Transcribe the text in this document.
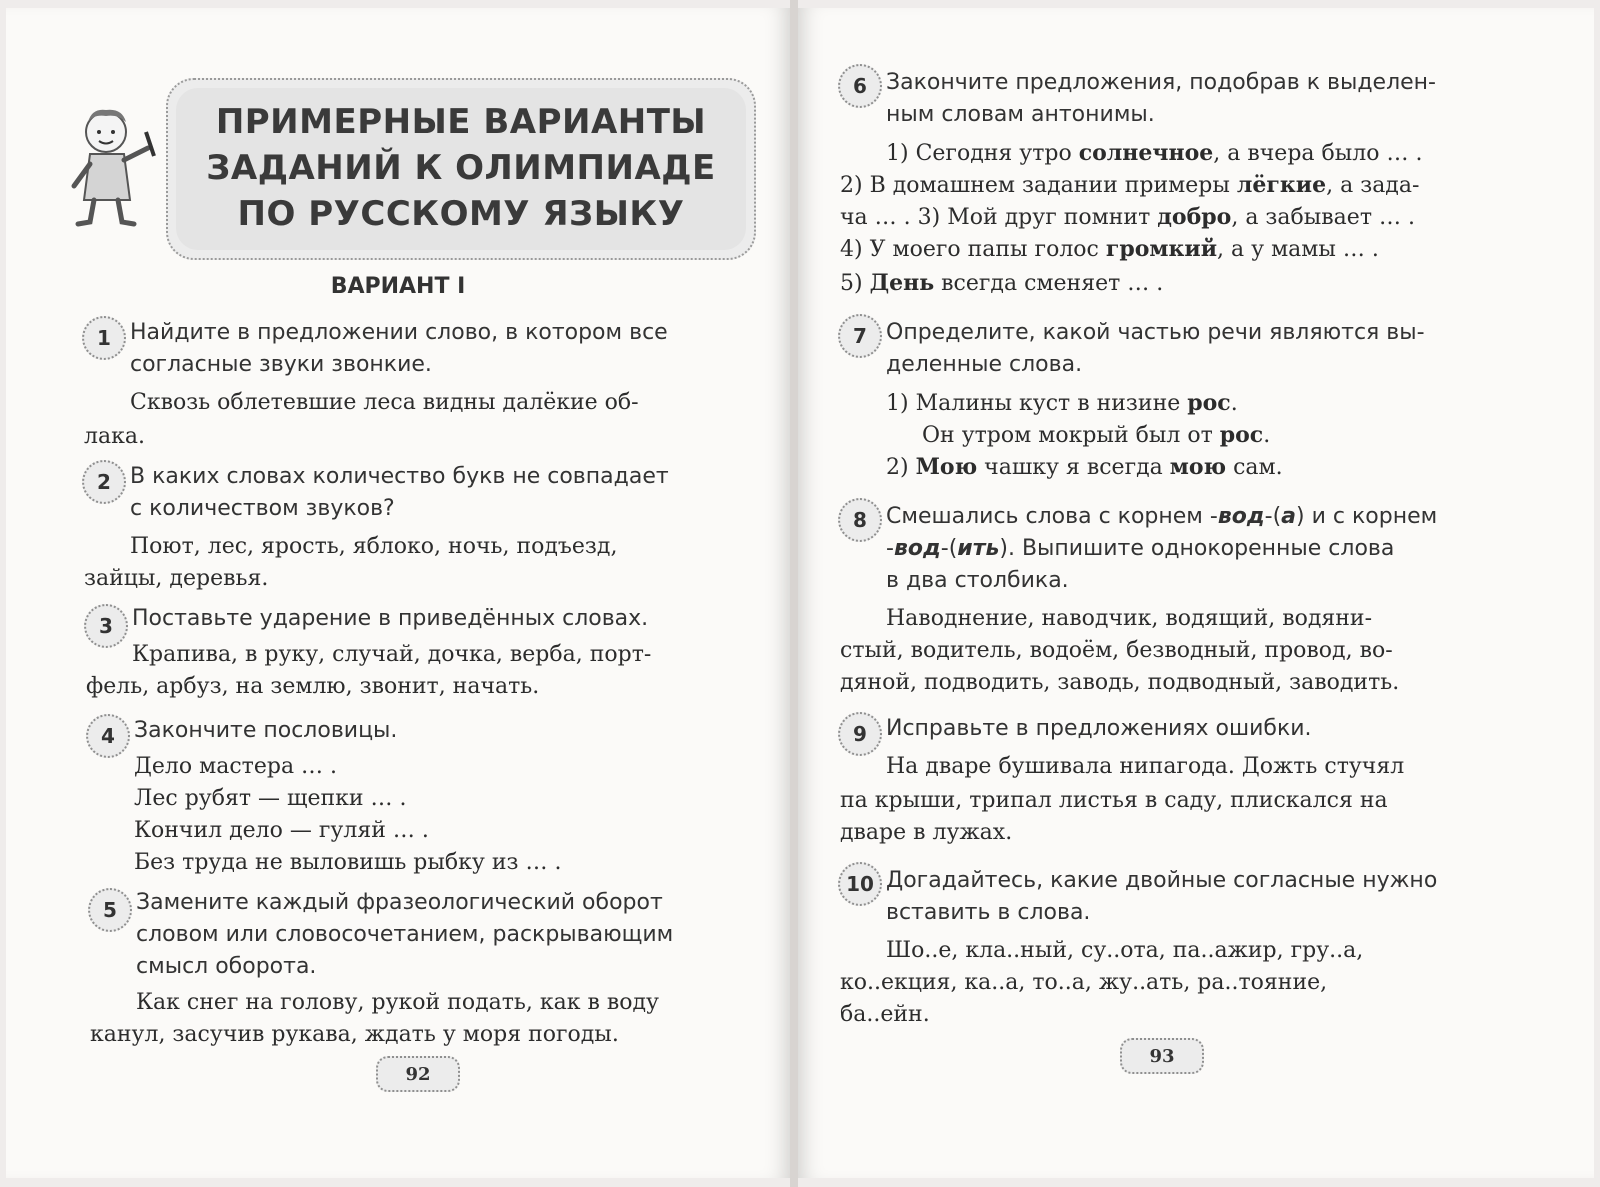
ПРИМЕРНЫЕ ВАРИАНТЫ
ЗАДАНИЙ К ОЛИМПИАДЕ
ПО РУССКОМУ ЯЗЫКУ
ВАРИАНТ I
1 Найдите в предложении слово, в котором все
согласные звуки звонкие.
Сквозь облетевшие леса видны далёкие об-
лака.
2 В каких словах количество букв не совпадает
с количеством звуков?
Поют, лес, ярость, яблоко, ночь, подъезд,
зайцы, деревья.
3 Поставьте ударение в приведённых словах.
Крапива, в руку, случай, дочка, верба, порт-
фель, арбуз, на землю, звонит, начать.
4 Закончите пословицы.
Дело мастера … .
Лес рубят — щепки … .
Кончил дело — гуляй … .
Без труда не выловишь рыбку из … .
5 Замените каждый фразеологический оборот
словом или словосочетанием, раскрывающим
смысл оборота.
Как снег на голову, рукой подать, как в воду
канул, засучив рукава, ждать у моря погоды.
92
6 Закончите предложения, подобрав к выделен-
ным словам антонимы.
1) Сегодня утро солнечное, а вчера было … .
2) В домашнем задании примеры лёгкие, а зада-
ча … . 3) Мой друг помнит добро, а забывает … .
4) У моего папы голос громкий, а у мамы … .
5) День всегда сменяет … .
7 Определите, какой частью речи являются вы-
деленные слова.
1) Малины куст в низине рос.
Он утром мокрый был от рос.
2) Мою чашку я всегда мою сам.
8 Смешались слова с корнем -вод-(а) и с корнем
-вод-(ить). Выпишите однокоренные слова
в два столбика.
Наводнение, наводчик, водящий, водяни-
стый, водитель, водоём, безводный, провод, во-
дяной, подводить, заводь, подводный, заводить.
9 Исправьте в предложениях ошибки.
На дваре бушивала нипагода. Дожть стучял
па крыши, трипал листья в саду, плискался на
дваре в лужах.
10 Догадайтесь, какие двойные согласные нужно
вставить в слова.
Шо..е, кла..ный, су..ота, па..ажир, гру..а,
ко..екция, ка..а, то..а, жу..ать, ра..тояние,
ба..ейн.
93
